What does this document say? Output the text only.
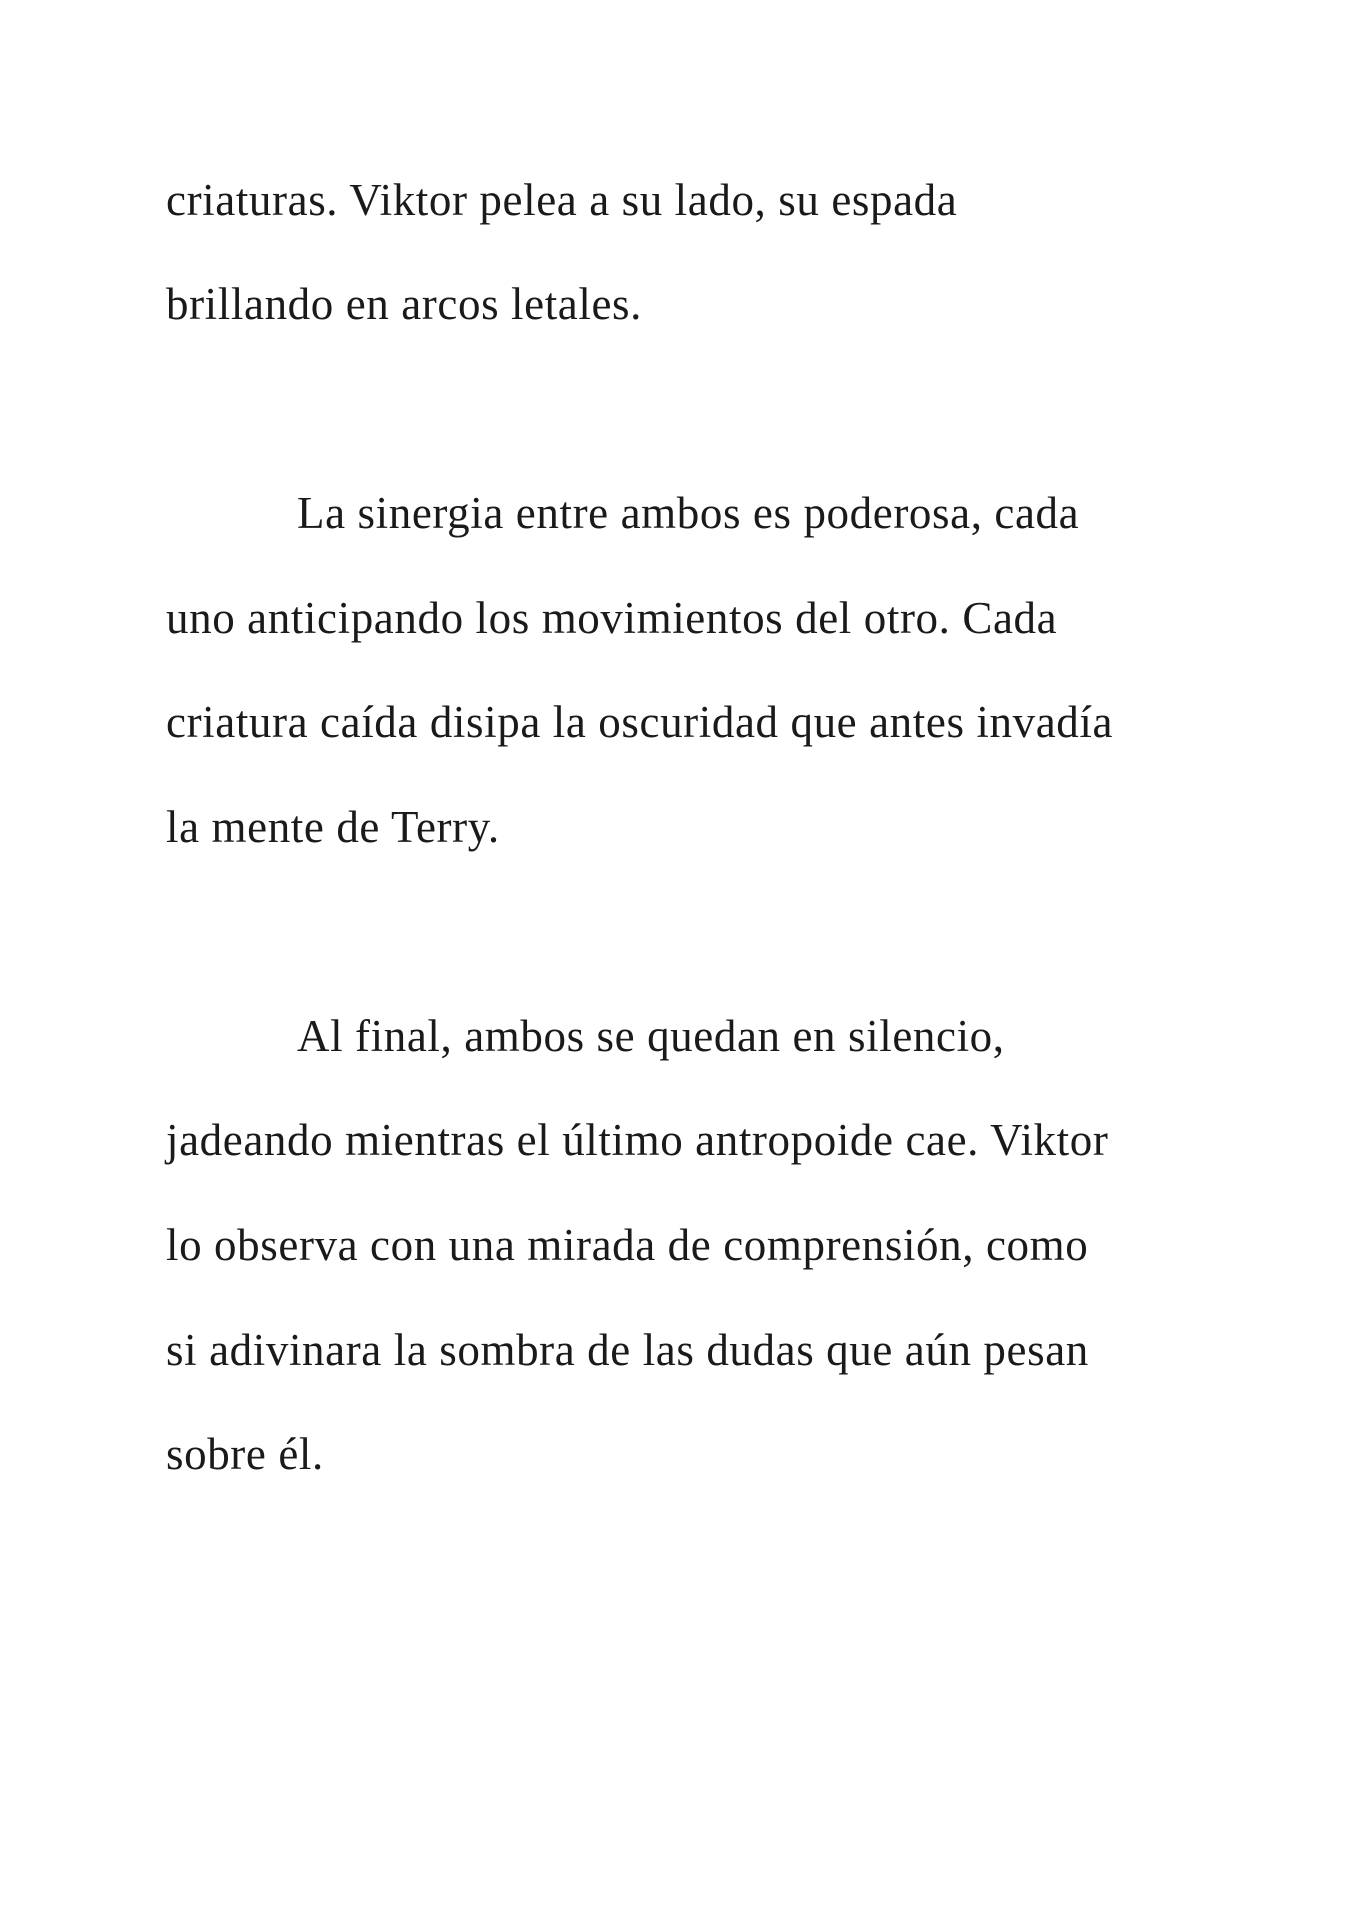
criaturas. Viktor pelea a su lado, su espada

brillando en arcos letales.

La sinergia entre ambos es poderosa, cada

uno anticipando los movimientos del otro. Cada

criatura caída disipa la oscuridad que antes invadía

la mente de Terry.

Al final, ambos se quedan en silencio,

jadeando mientras el último antropoide cae. Viktor

lo observa con una mirada de comprensión, como

si adivinara la sombra de las dudas que aún pesan

sobre él.
